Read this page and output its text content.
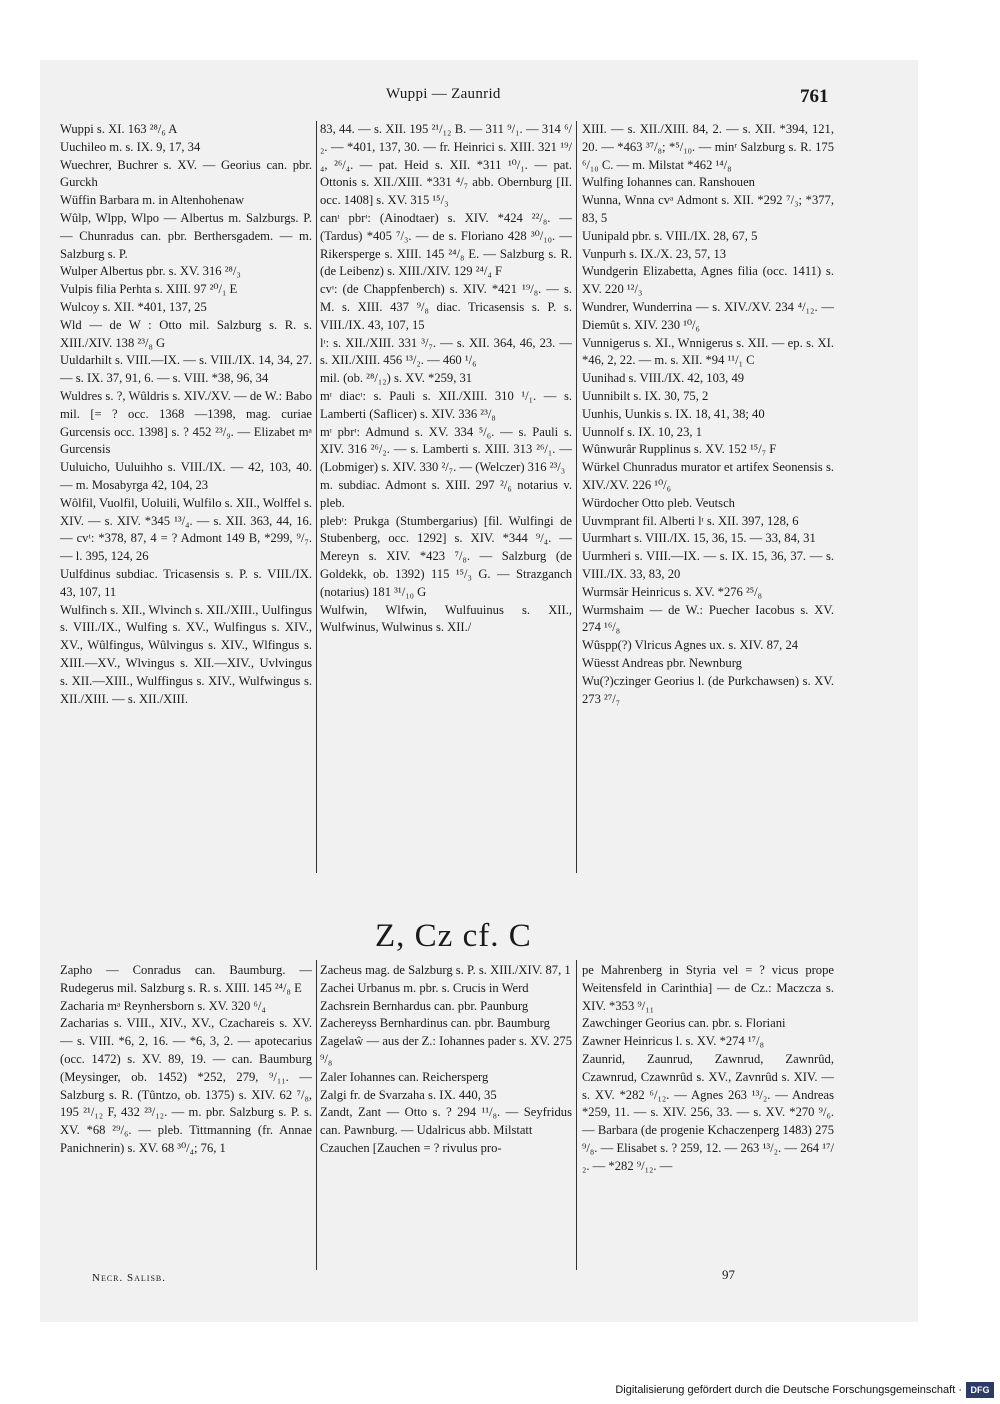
Wuppi — Zaunrid	761

Wuppi s. XI. 163 ²⁸/₆ A

Uuchileo m. s. IX. 9, 17, 34

Wuechrer, Buchrer s. XV. — Georius can. pbr. Gurckh

Wüffin Barbara m. in Altenhohenaw

Wûlp, Wlpp, Wlpo — Albertus m. Salzburgs. P. — Chunradus can. pbr. Berthersgadem. — m. Salzburg s. P.

Wulper Albertus pbr. s. XV. 316 ²⁸/₃

Vulpis filia Perhta s. XIII. 97 ²⁰/₁ E

Wulcoy s. XII. *401, 137, 25

Wld — de W : Otto mil. Salzburg s. R. s. XIII./XIV. 138 ²³/₈ G

Uuldarhilt s. VIII.—IX. — s. VIII./IX. 14, 34, 27. — s. IX. 37, 91, 6. — s. VIII. *38, 96, 34

Wuldres s. ?, Wûldris s. XIV./XV. — de W.: Babo mil. [= ? occ. 1368 —1398, mag. curiae Gurcensis occ. 1398] s. ? 452 ²³/₉. — Elizabet mᵃ Gurcensis

Uuluicho, Uuluihho s. VIII./IX. — 42, 103, 40. — m. Mosabyrga 42, 104, 23

Wôlfil, Vuolfil, Uoluili, Wulfilo s. XII., Wolffel s. XIV. — s. XIV. *345 ¹³/₄. — s. XII. 363, 44, 16. — cvᵗ: *378, 87, 4 = ? Admont 149 B, *299, ⁹/₇. — l. 395, 124, 26

Uulfdinus subdiac. Tricasensis s. P. s. VIII./IX. 43, 107, 11

Wulfinch s. XII., Wlvinch s. XII./XIII., Uulfingus s. VIII./IX., Wulfing s. XV., Wulfingus s. XIV., XV., Wûlfingus, Wûlvingus s. XIV., Wlfingus s. XIII.—XV., Wlvingus s. XII.—XIV., Uvlvingus s. XII.—XIII., Wulffingus s. XIV., Wulfwingus s. XII./XIII. — s. XII./XIII.

83, 44. — s. XII. 195 ²¹/₁₂ B. — 311 ⁹/₁. — 314 ⁶/₂. — *401, 137, 30. — fr. Heinrici s. XIII. 321 ¹⁹/₄, ²⁶/₄. — pat. Heid s. XII. *311 ¹⁰/₁. — pat. Ottonis s. XII./XIII. *331 ⁴/₇ abb. Obernburg [II. occ. 1408] s. XV. 315 ¹⁵/₃

canᶦ pbrᶦ: (Ainodtaer) s. XIV. *424 ²²/₈. — (Tardus) *405 ⁷/₃. — de s. Floriano 428 ³⁰/₁₀. — Rikerspergе s. XIII. 145 ²⁴/₈ E. — Salzburg s. R. (de Leibenz) s. XIII./XIV. 129 ²⁴/₄ F

cvᶦ: (de Chappfenberch) s. XIV. *421 ¹⁹/₈. — s. M. s. XIII. 437 ⁹/₈ diac. Tricasensis s. P. s. VIII./IX. 43, 107, 15

lᶦ: s. XII./XIII. 331 ³/₇. — s. XII. 364, 46, 23. — s. XII./XIII. 456 ¹³/₂. — 460 ¹/₆

mil. (ob. ²⁸/₁₂) s. XV. *259, 31

mᶦ diacᶦ: s. Pauli s. XII./XIII. 310 ¹/₁. — s. Lamberti (Saflicer) s. XIV. 336 ²³/₈

mᶦ pbrᶦ: Admund s. XV. 334 ⁵/₆. — s. Pauli s. XIV. 316 ²⁶/₂. — s. Lamberti s. XIII. 313 ²⁶/₁. — (Lobmiger) s. XIV. 330 ²/₇. — (Welczer) 316 ²³/₃

m. subdiac. Admont s. XIII. 297 ²/₆ notarius v. pleb.

plebᶦ: Prukga (Stumbergarius) [fil. Wulfingi de Stubenberg, occ. 1292] s. XIV. *344 ⁹/₄. — Mereyn s. XIV. *423 ⁷/₈. — Salzburg (de Goldekk, ob. 1392) 115 ¹⁵/₃ G. — Strazganch (notarius) 181 ³¹/₁₀ G

Wulfwin, Wlfwin, Wulfuuinus s. XII., Wulfwinus, Wulwinus s. XII./

XIII. — s. XII./XIII. 84, 2. — s. XII. *394, 121, 20. — *463 ³⁷/₈; *⁵/₁₀. — minʳ Salzburg s. R. 175 ⁶/₁₀ C. — m. Milstat *462 ¹⁴/₈

Wulfing Iohannes can. Ranshouen

Wunna, Wnna cvᵃ Admont s. XII. *292 ⁷/₃; *377, 83, 5

Uunipald pbr. s. VIII./IX. 28, 67, 5

Vunpurh s. IX./X. 23, 57, 13

Wundgerin Elizabetta, Agnes filia (occ. 1411) s. XV. 220 ¹²/₃

Wundrer, Wunderrina — s. XIV./XV. 234 ⁴/₁₂. — Diemût s. XIV. 230 ¹⁰/₆

Vunnigerus s. XI., Wnnigerus s. XII. — ep. s. XI. *46, 2, 22. — m. s. XII. *94 ¹¹/₁ C

Uunihad s. VIII./IX. 42, 103, 49

Uunnibilt s. IX. 30, 75, 2

Uunhis, Uunkis s. IX. 18, 41, 38; 40

Uunnolf s. IX. 10, 23, 1

Wûnwurâr Rupplinus s. XV. 152 ¹⁵/₇ F

Würkel Chunradus murator et artifex Seonensis s. XIV./XV. 226 ¹⁰/₆

Würdocher Otto pleb. Veutsch

Uuvmprant fil. Alberti lᶦ s. XII. 397, 128, 6

Uurmhart s. VIII./IX. 15, 36, 15. — 33, 84, 31

Uurmheri s. VIII.—IX. — s. IX. 15, 36, 37. — s. VIII./IX. 33, 83, 20

Wurmsär Heinricus s. XV. *276 ²⁵/₈

Wurmshaim — de W.: Puecher Iacobus s. XV. 274 ¹⁶/₈

Wûspp(?) Vlricus Agnes ux. s. XIV. 87, 24

Wüesst Andreas pbr. Newnburg

Wu(?)czinger Georius l. (de Purkchawsen) s. XV. 273 ²⁷/₇

Z, Cz cf. C

Zapho — Conradus can. Baumburg. — Rudegerus mil. Salzburg s. R. s. XIII. 145 ²⁴/₈ E

Zacharia mᵃ Reynhersborn s. XV. 320 ⁶/₄

Zacharias s. VIII., XIV., XV., Czachareis s. XV. — s. VIII. *6, 2, 16. — *6, 3, 2. — apotecarius (occ. 1472) s. XV. 89, 19. — can. Baumburg (Meysinger, ob. 1452) *252, 279, ⁹/₁₁. — Salzburg s. R. (Tûntzo, ob. 1375) s. XIV. 62 ⁷/₈, 195 ²¹/₁₂ F, 432 ²³/₁₂. — m. pbr. Salzburg s. P. s. XV. *68 ²⁹/₆. — pleb. Tittmanning (fr. Annae Panichnerin) s. XV. 68 ³⁰/₄; 76, 1

Zacheus mag. de Salzburg s. P. s. XIII./XIV. 87, 1

Zachei Urbanus m. pbr. s. Crucis in Werd

Zachsrein Bernhardus can. pbr. Paunburg

Zachereyss Bernhardinus can. pbr. Baumburg

Zagelaŵ — aus der Z.: Iohannes pader s. XV. 275 ⁹/₈

Zaler Iohannes can. Reichersperg

Zalgi fr. de Svarzaha s. IX. 440, 35

Zandt, Zant — Otto s. ? 294 ¹¹/₈. — Seyfridus can. Pawnburg. — Udalricus abb. Milstatt

Czauchen [Zauchen = ? rivulus pro-

pe Mahrenberg in Styria vel = ? vicus prope Weitensfeld in Carinthia] — de Cz.: Maczcza s. XIV. *353 ⁹/₁₁

Zawchinger Georius can. pbr. s. Floriani

Zawner Heinricus l. s. XV. *274 ¹⁷/₈

Zaunrid, Zaunrud, Zawnrud, Zawnrûd, Czawnrud, Czawnrûd s. XV., Zavnrûd s. XIV. — s. XV. *282 ⁶/₁₂. — Agnes 263 ¹³/₂. — Andreas *259, 11. — s. XIV. 256, 33. — s. XV. *270 ⁹/₆. — Barbara (de progenie Kchaczenperg 1483) 275 ⁹/₈. — Elisabet s. ? 259, 12. — 263 ¹³/₂. — 264 ¹⁷/₂. — *282 ⁹/₁₂. —

Necr. Salisb.	97
Digitalisierung gefördert durch die Deutsche Forschungsgemeinschaft · DFG
